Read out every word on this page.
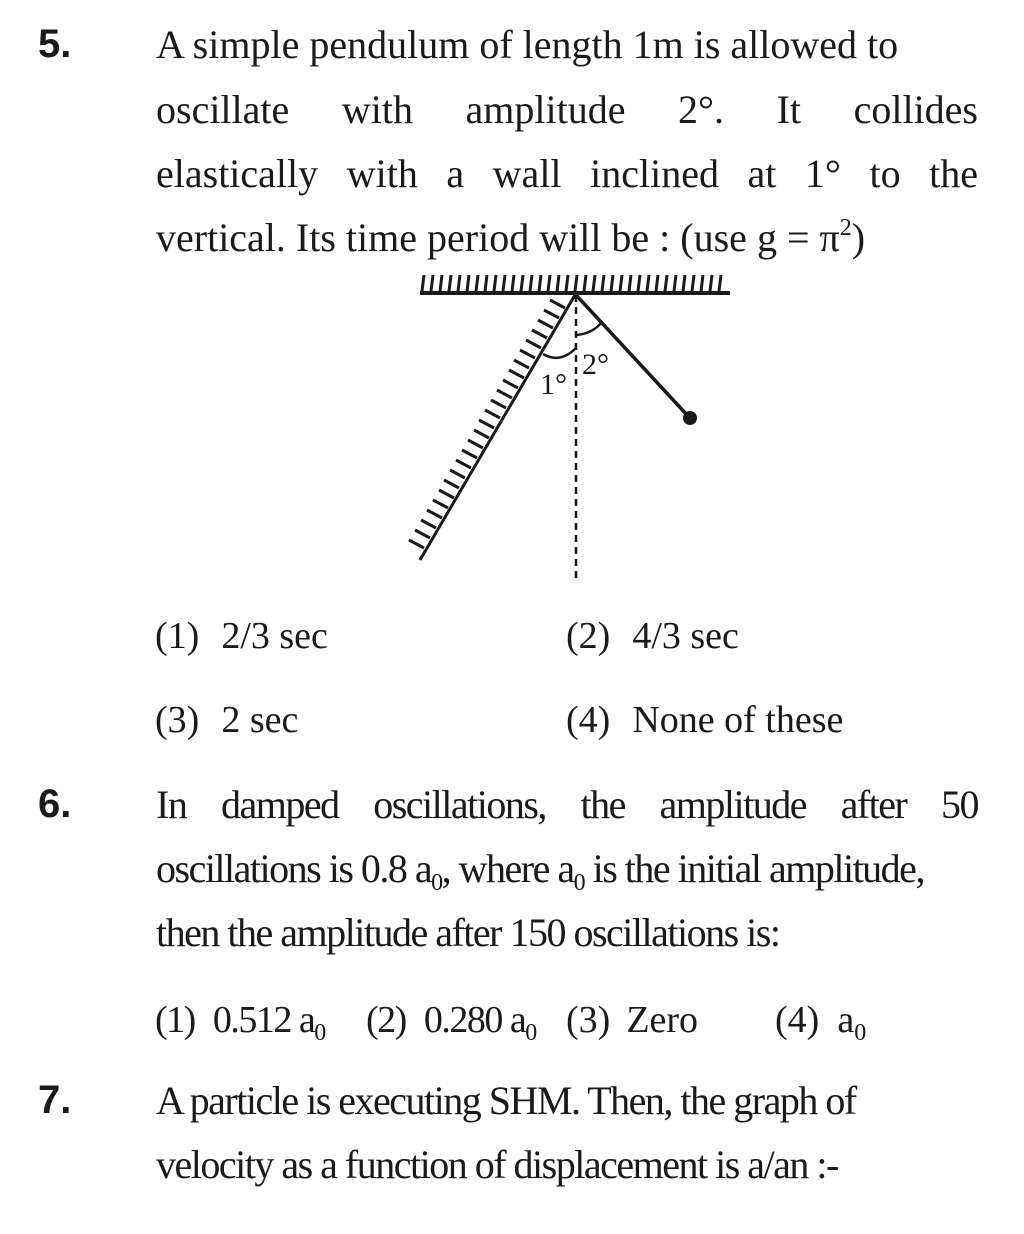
5. A simple pendulum of length 1m is allowed to
oscillate with amplitude 2°. It collides
elastically with a wall inclined at 1° to the
vertical. Its time period will be : (use $g = \pi^2$)
1°
2°
(1) 2/3 sec	(2) 4/3 sec
(3) 2 sec	(4) None of these
6. In damped oscillations, the amplitude after 50
oscillations is 0.8 $a_0$, where $a_0$ is the initial amplitude,
then the amplitude after 150 oscillations is:
(1) 0.512 $a_0$ (2) 0.280 $a_0$ (3) Zero (4) $a_0$
7. A particle is executing SHM. Then, the graph of
velocity as a function of displacement is a/an :-
